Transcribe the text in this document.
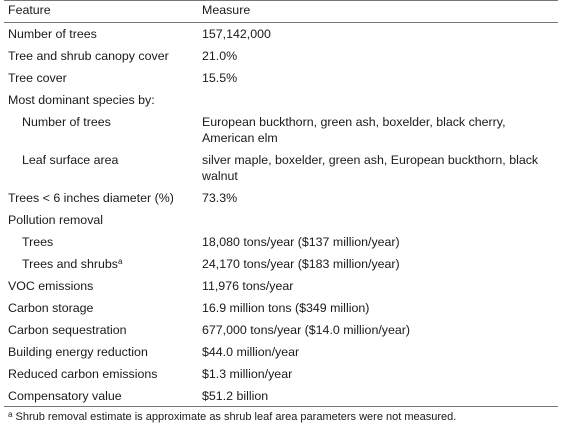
Feature	Measure
Number of trees	157,142,000
Tree and shrub canopy cover	21.0%
Tree cover	15.5%
Most dominant species by:	
Number of trees	European buckthorn, green ash, boxelder, black cherry, American elm
Leaf surface area	silver maple, boxelder, green ash, European buckthorn, black walnut
Trees < 6 inches diameter (%)	73.3%
Pollution removal	
Trees	18,080 tons/year ($137 million/year)
Trees and shrubs$^a$	24,170 tons/year ($183 million/year)
VOC emissions	11,976 tons/year
Carbon storage	16.9 million tons ($349 million)
Carbon sequestration	677,000 tons/year ($14.0 million/year)
Building energy reduction	$44.0 million/year
Reduced carbon emissions	$1.3 million/year
Compensatory value	$51.2 billion
$^a$ Shrub removal estimate is approximate as shrub leaf area parameters were not measured.
